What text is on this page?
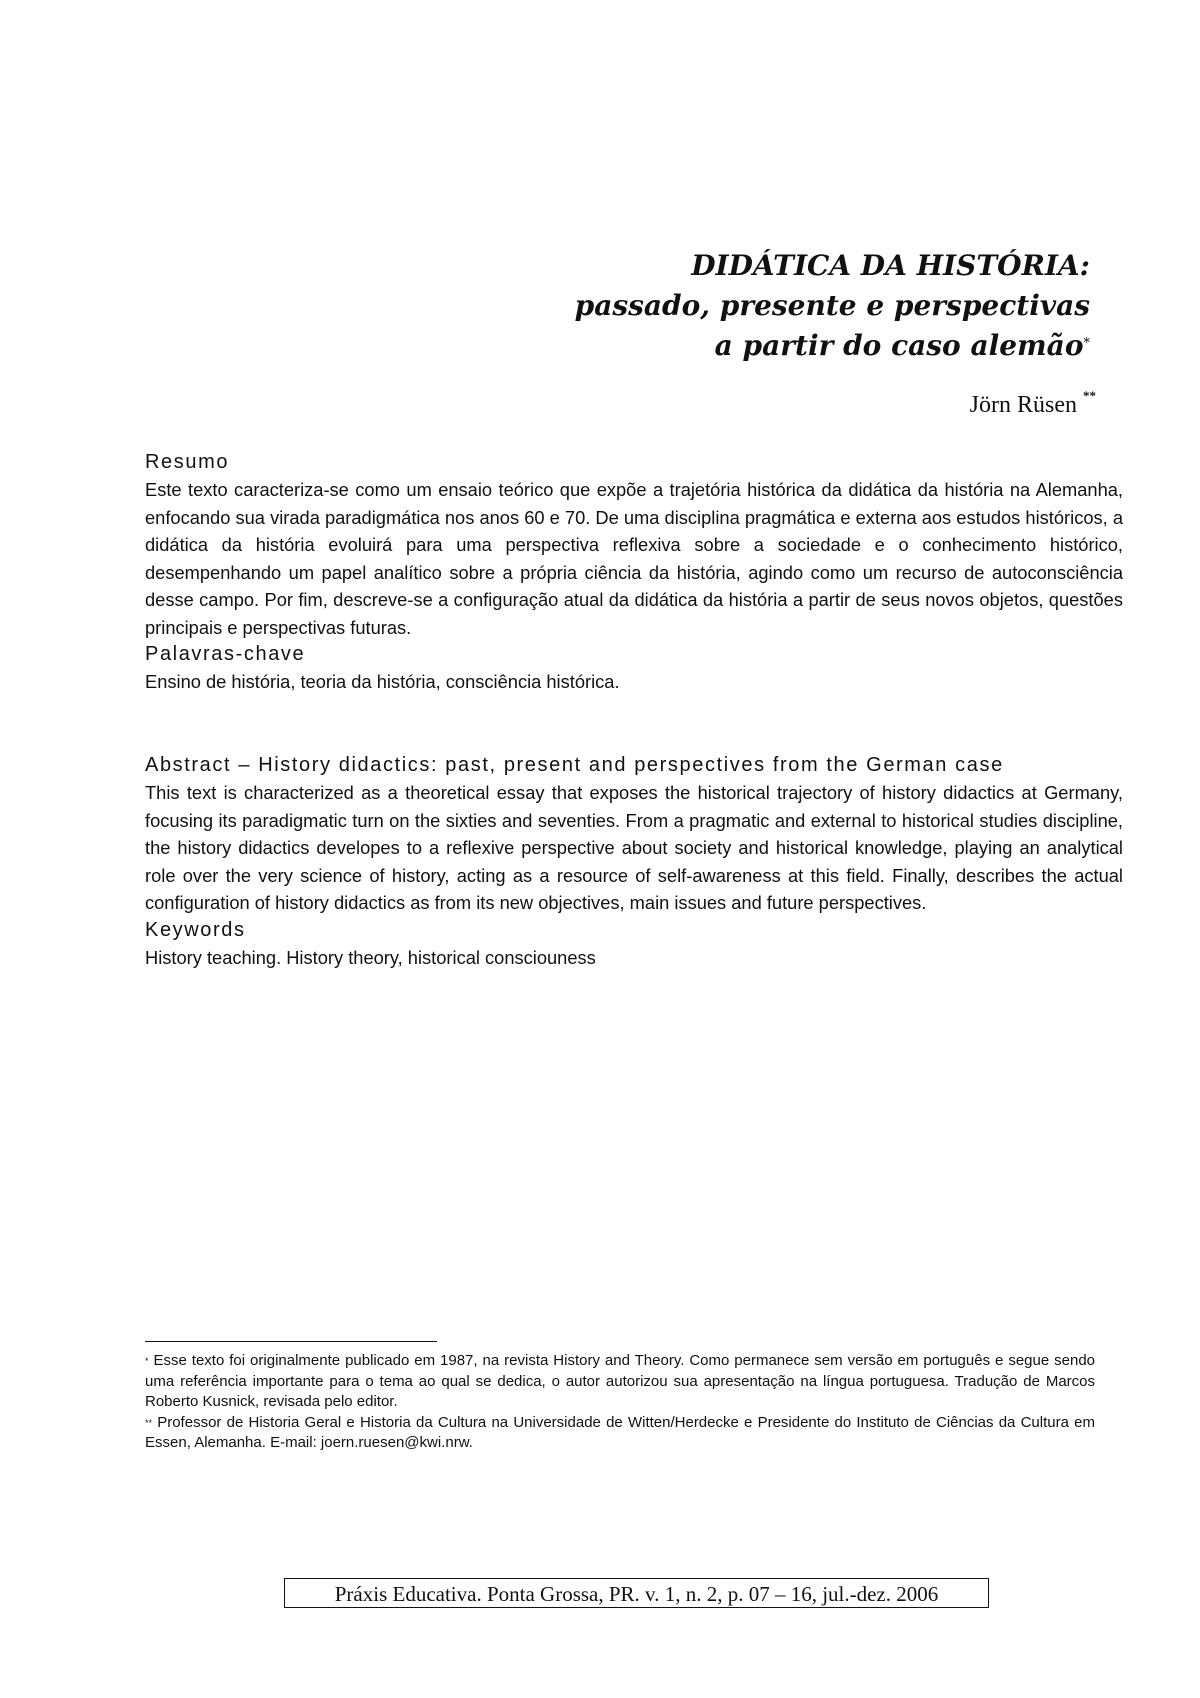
DIDÁTICA DA HISTÓRIA:
passado, presente e perspectivas
a partir do caso alemão*
Jörn Rüsen **
Resumo

Este texto caracteriza-se como um ensaio teórico que expõe a trajetória histórica da didática da história na Alemanha, enfocando sua virada paradigmática nos anos 60 e 70. De uma disciplina pragmática e externa aos estudos históricos, a didática da história evoluirá para uma perspectiva reflexiva sobre a sociedade e o conhecimento histórico, desempenhando um papel analítico sobre a própria ciência da história, agindo como um recurso de autoconsciência desse campo. Por fim, descreve-se a configuração atual da didática da história a partir de seus novos objetos, questões principais e perspectivas futuras.

Palavras-chave

Ensino de história, teoria da história, consciência histórica.

Abstract – History didactics: past, present and perspectives from the German case

This text is characterized as a theoretical essay that exposes the historical trajectory of history didactics at Germany, focusing its paradigmatic turn on the sixties and seventies. From a pragmatic and external to historical studies discipline, the history didactics developes to a reflexive perspective about society and historical knowledge, playing an analytical role over the very science of history, acting as a resource of self-awareness at this field. Finally, describes the actual configuration of history didactics as from its new objectives, main issues and future perspectives.

Keywords

History teaching. History theory, historical consciouness

* Esse texto foi originalmente publicado em 1987, na revista History and Theory. Como permanece sem versão em português e segue sendo uma referência importante para o tema ao qual se dedica, o autor autorizou sua apresentação na língua portuguesa. Tradução de Marcos Roberto Kusnick, revisada pelo editor.

** Professor de Historia Geral e Historia da Cultura na Universidade de Witten/Herdecke e Presidente do Instituto de Ciências da Cultura em Essen, Alemanha. E-mail: joern.ruesen@kwi.nrw.

Práxis Educativa. Ponta Grossa, PR. v. 1, n. 2, p. 07 – 16, jul.-dez. 2006
